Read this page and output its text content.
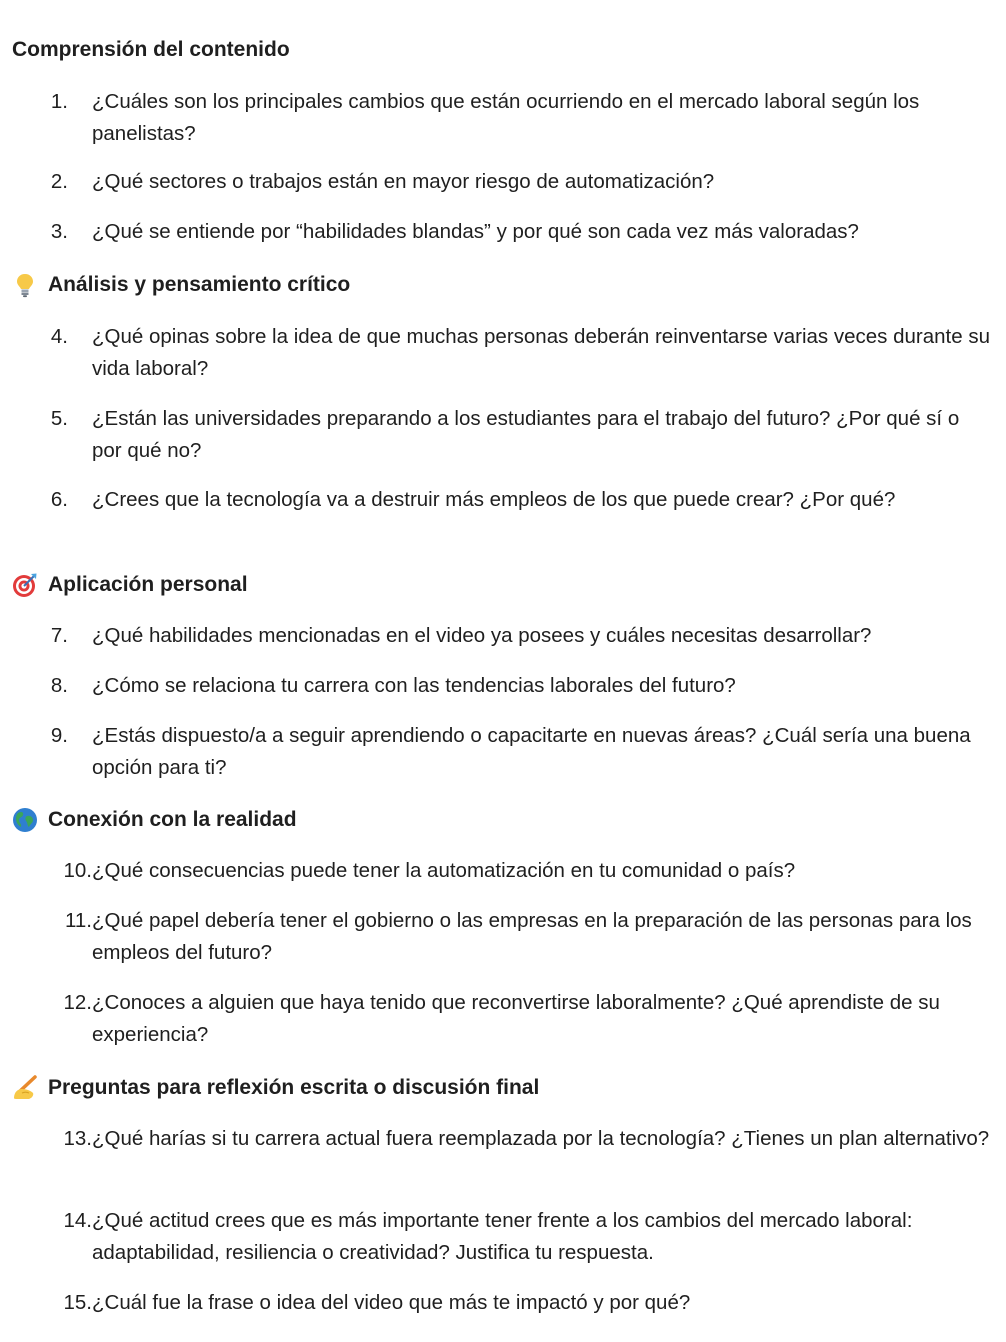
Comprensión del contenido
1. ¿Cuáles son los principales cambios que están ocurriendo en el mercado laboral según los panelistas?
2. ¿Qué sectores o trabajos están en mayor riesgo de automatización?
3. ¿Qué se entiende por “habilidades blandas” y por qué son cada vez más valoradas?
Análisis y pensamiento crítico
4. ¿Qué opinas sobre la idea de que muchas personas deberán reinventarse varias veces durante su vida laboral?
5. ¿Están las universidades preparando a los estudiantes para el trabajo del futuro? ¿Por qué sí o por qué no?
6. ¿Crees que la tecnología va a destruir más empleos de los que puede crear? ¿Por qué?
Aplicación personal
7. ¿Qué habilidades mencionadas en el video ya posees y cuáles necesitas desarrollar?
8. ¿Cómo se relaciona tu carrera con las tendencias laborales del futuro?
9. ¿Estás dispuesto/a a seguir aprendiendo o capacitarte en nuevas áreas? ¿Cuál sería una buena opción para ti?
Conexión con la realidad
10. ¿Qué consecuencias puede tener la automatización en tu comunidad o país?
11. ¿Qué papel debería tener el gobierno o las empresas en la preparación de las personas para los empleos del futuro?
12. ¿Conoces a alguien que haya tenido que reconvertirse laboralmente? ¿Qué aprendiste de su experiencia?
Preguntas para reflexión escrita o discusión final
13. ¿Qué harías si tu carrera actual fuera reemplazada por la tecnología? ¿Tienes un plan alternativo?
14. ¿Qué actitud crees que es más importante tener frente a los cambios del mercado laboral: adaptabilidad, resiliencia o creatividad? Justifica tu respuesta.
15. ¿Cuál fue la frase o idea del video que más te impactó y por qué?
